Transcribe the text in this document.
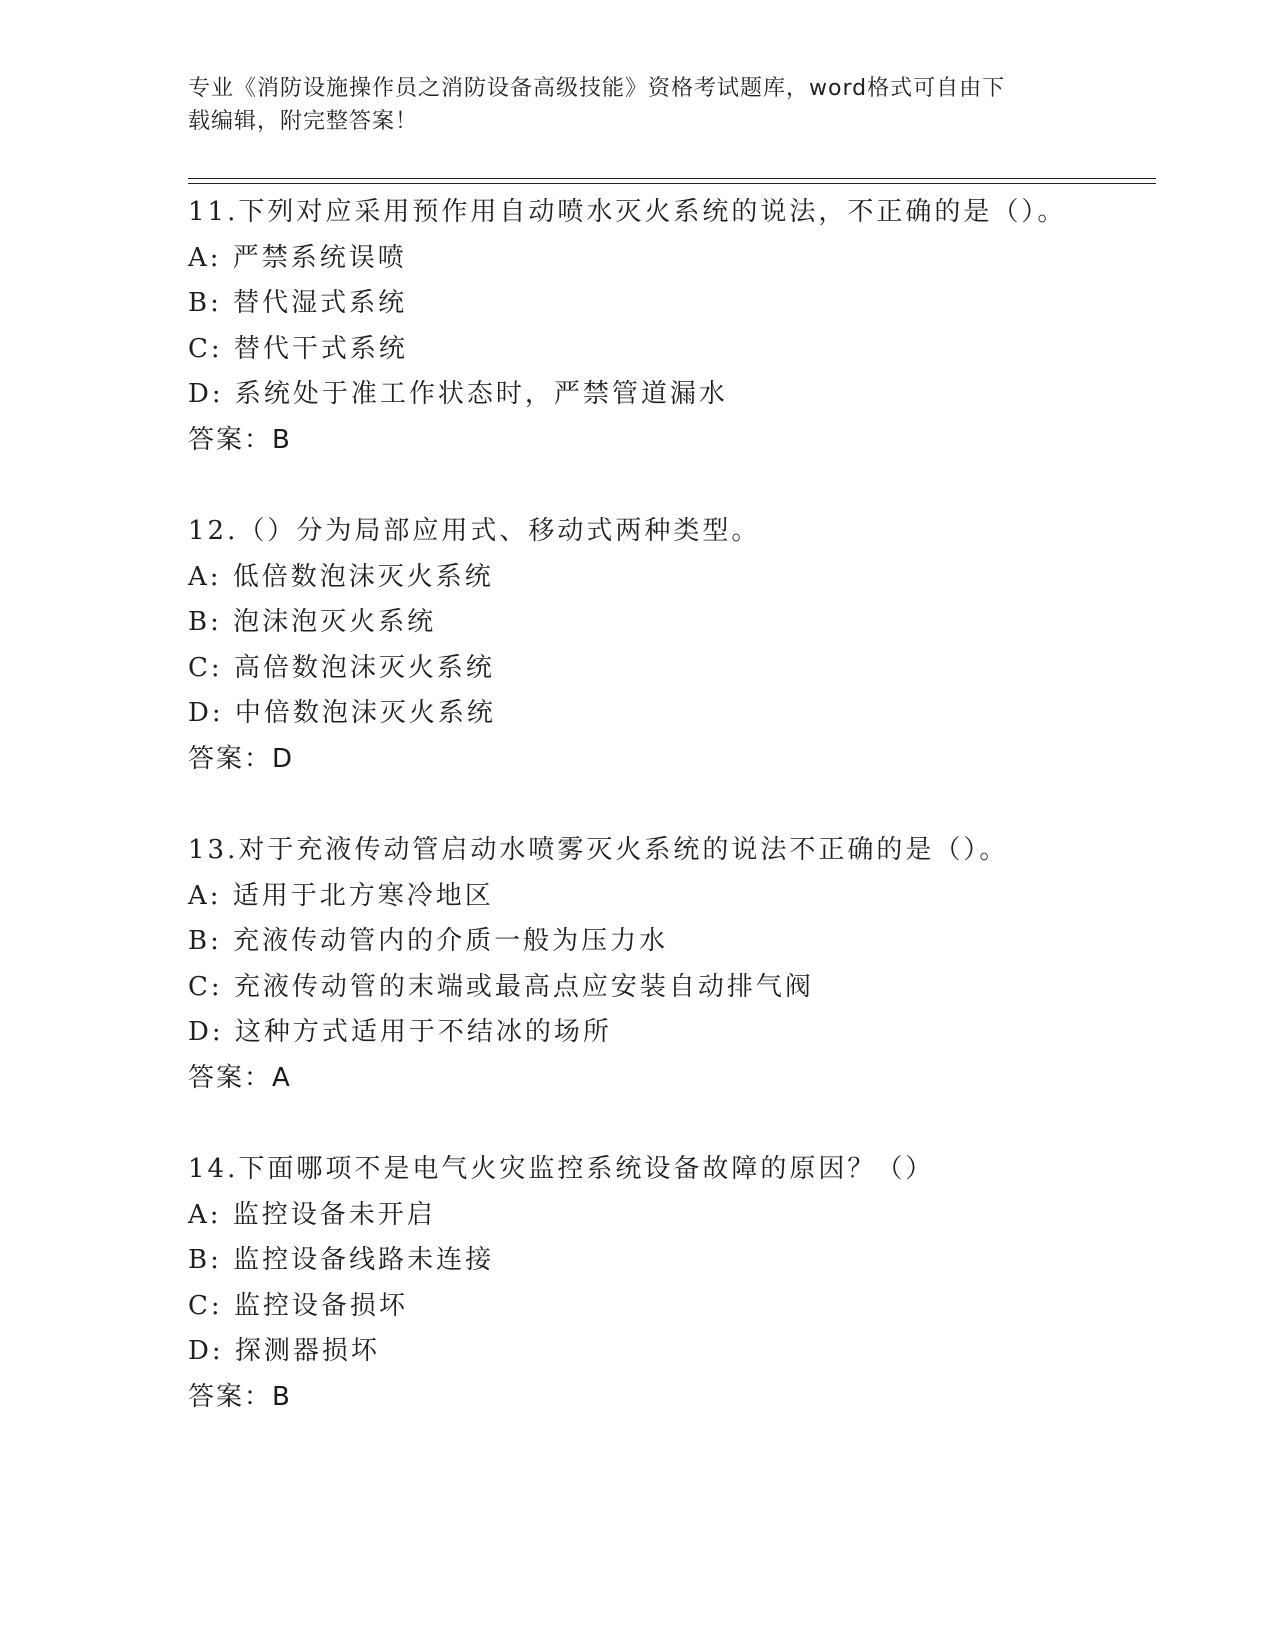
专业《消防设施操作员之消防设备高级技能》资格考试题库，word格式可自由下
载编辑，附完整答案！
11.下列对应采用预作用自动喷水灭火系统的说法，不正确的是（）。
A: 严禁系统误喷
B: 替代湿式系统
C: 替代干式系统
D: 系统处于准工作状态时，严禁管道漏水
答案：B
12.（）分为局部应用式、移动式两种类型。
A: 低倍数泡沫灭火系统
B: 泡沫泡灭火系统
C: 高倍数泡沫灭火系统
D: 中倍数泡沫灭火系统
答案：D
13.对于充液传动管启动水喷雾灭火系统的说法不正确的是（）。
A: 适用于北方寒冷地区
B: 充液传动管内的介质一般为压力水
C: 充液传动管的末端或最高点应安装自动排气阀
D: 这种方式适用于不结冰的场所
答案：A
14.下面哪项不是电气火灾监控系统设备故障的原因？（）
A: 监控设备未开启
B: 监控设备线路未连接
C: 监控设备损坏
D: 探测器损坏
答案：B
